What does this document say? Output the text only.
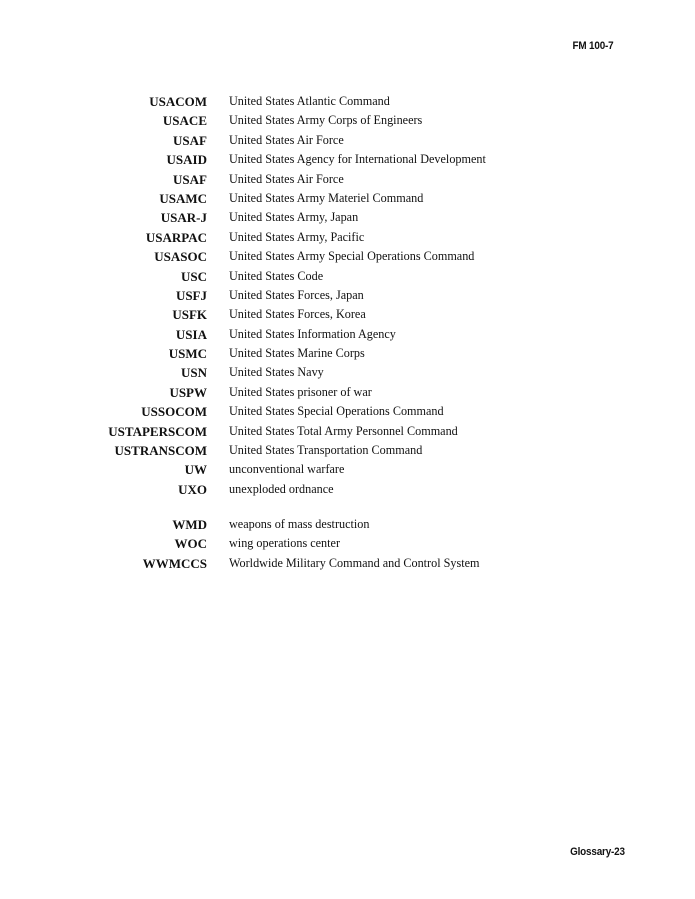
FM 100-7
USACOM United States Atlantic Command
USACE United States Army Corps of Engineers
USAF United States Air Force
USAID United States Agency for International Development
USAF United States Air Force
USAMC United States Army Materiel Command
USAR-J United States Army, Japan
USARPAC United States Army, Pacific
USASOC United States Army Special Operations Command
USC United States Code
USFJ United States Forces, Japan
USFK United States Forces, Korea
USIA United States Information Agency
USMC United States Marine Corps
USN United States Navy
USPW United States prisoner of war
USSOCOM United States Special Operations Command
USTAPERSCOM United States Total Army Personnel Command
USTRANSCOM United States Transportation Command
UW unconventional warfare
UXO unexploded ordnance
WMD weapons of mass destruction
WOC wing operations center
WWMCCS Worldwide Military Command and Control System
Glossary-23
